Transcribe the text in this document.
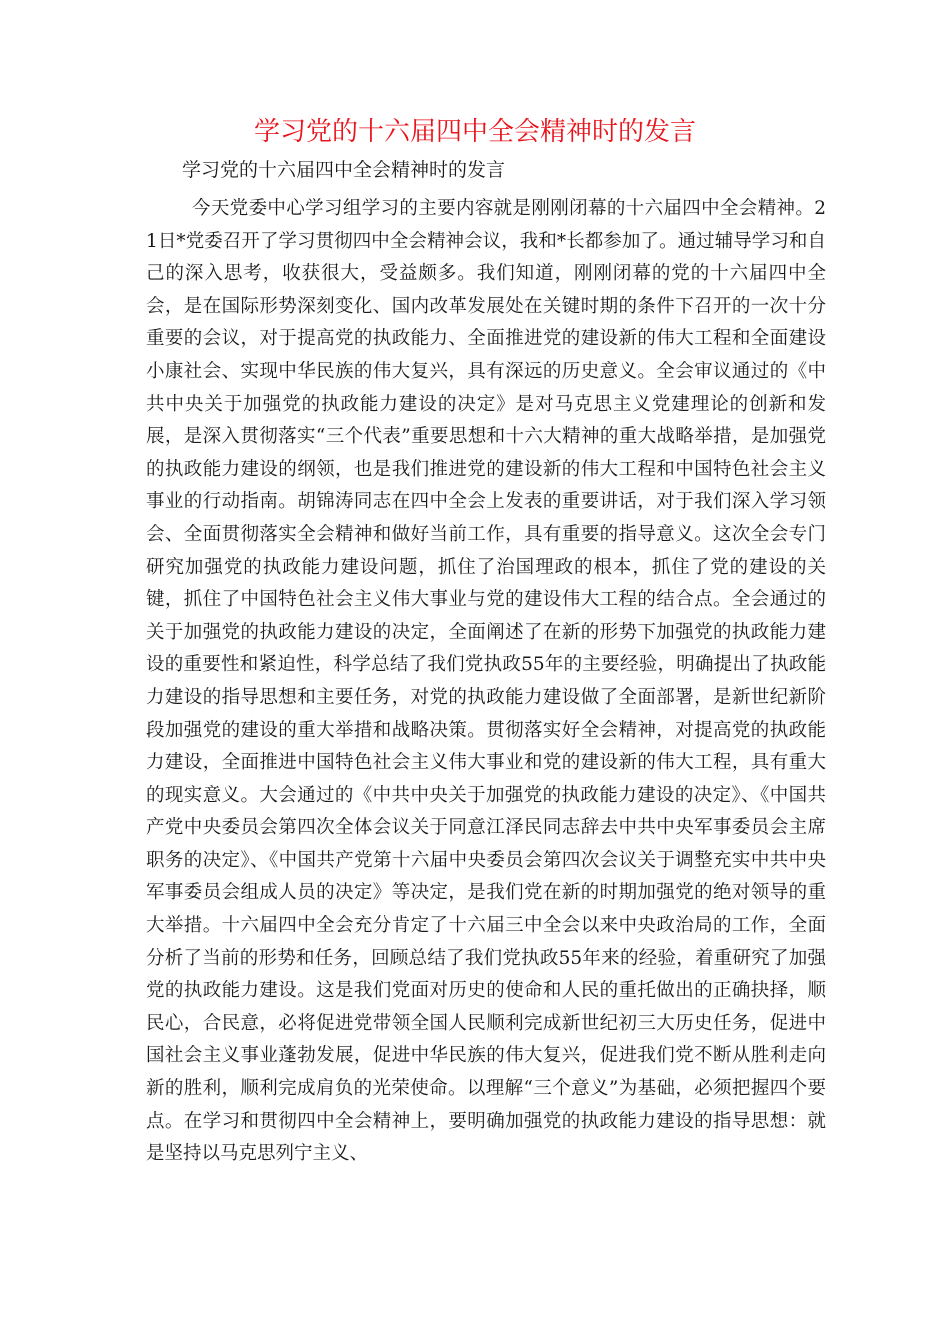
学习党的十六届四中全会精神时的发言

学习党的十六届四中全会精神时的发言

今天党委中心学习组学习的主要内容就是刚刚闭幕的十六届四中全会精神。21日*党委召开了学习贯彻四中全会精神会议，我和*长都参加了。通过辅导学习和自己的深入思考，收获很大，受益颇多。我们知道，刚刚闭幕的党的十六届四中全会，是在国际形势深刻变化、国内改革发展处在关键时期的条件下召开的一次十分重要的会议，对于提高党的执政能力、全面推进党的建设新的伟大工程和全面建设小康社会、实现中华民族的伟大复兴，具有深远的历史意义。全会审议通过的《中共中央关于加强党的执政能力建设的决定》是对马克思主义党建理论的创新和发展，是深入贯彻落实“三个代表”重要思想和十六大精神的重大战略举措，是加强党的执政能力建设的纲领，也是我们推进党的建设新的伟大工程和中国特色社会主义事业的行动指南。胡锦涛同志在四中全会上发表的重要讲话，对于我们深入学习领会、全面贯彻落实全会精神和做好当前工作，具有重要的指导意义。这次全会专门研究加强党的执政能力建设问题，抓住了治国理政的根本，抓住了党的建设的关键，抓住了中国特色社会主义伟大事业与党的建设伟大工程的结合点。全会通过的关于加强党的执政能力建设的决定，全面阐述了在新的形势下加强党的执政能力建设的重要性和紧迫性，科学总结了我们党执政55年的主要经验，明确提出了执政能力建设的指导思想和主要任务，对党的执政能力建设做了全面部署，是新世纪新阶段加强党的建设的重大举措和战略决策。贯彻落实好全会精神，对提高党的执政能力建设，全面推进中国特色社会主义伟大事业和党的建设新的伟大工程，具有重大的现实意义。大会通过的《中共中央关于加强党的执政能力建设的决定》、《中国共产党中央委员会第四次全体会议关于同意江泽民同志辞去中共中央军事委员会主席职务的决定》、《中国共产党第十六届中央委员会第四次会议关于调整充实中共中央军事委员会组成人员的决定》等决定，是我们党在新的时期加强党的绝对领导的重大举措。十六届四中全会充分肯定了十六届三中全会以来中央政治局的工作，全面分析了当前的形势和任务，回顾总结了我们党执政55年来的经验，着重研究了加强党的执政能力建设。这是我们党面对历史的使命和人民的重托做出的正确抉择，顺民心，合民意，必将促进党带领全国人民顺利完成新世纪初三大历史任务，促进中国社会主义事业蓬勃发展，促进中华民族的伟大复兴，促进我们党不断从胜利走向新的胜利，顺利完成肩负的光荣使命。以理解“三个意义”为基础，必须把握四个要点。在学习和贯彻四中全会精神上，要明确加强党的执政能力建设的指导思想：就是坚持以马克思列宁主义、
